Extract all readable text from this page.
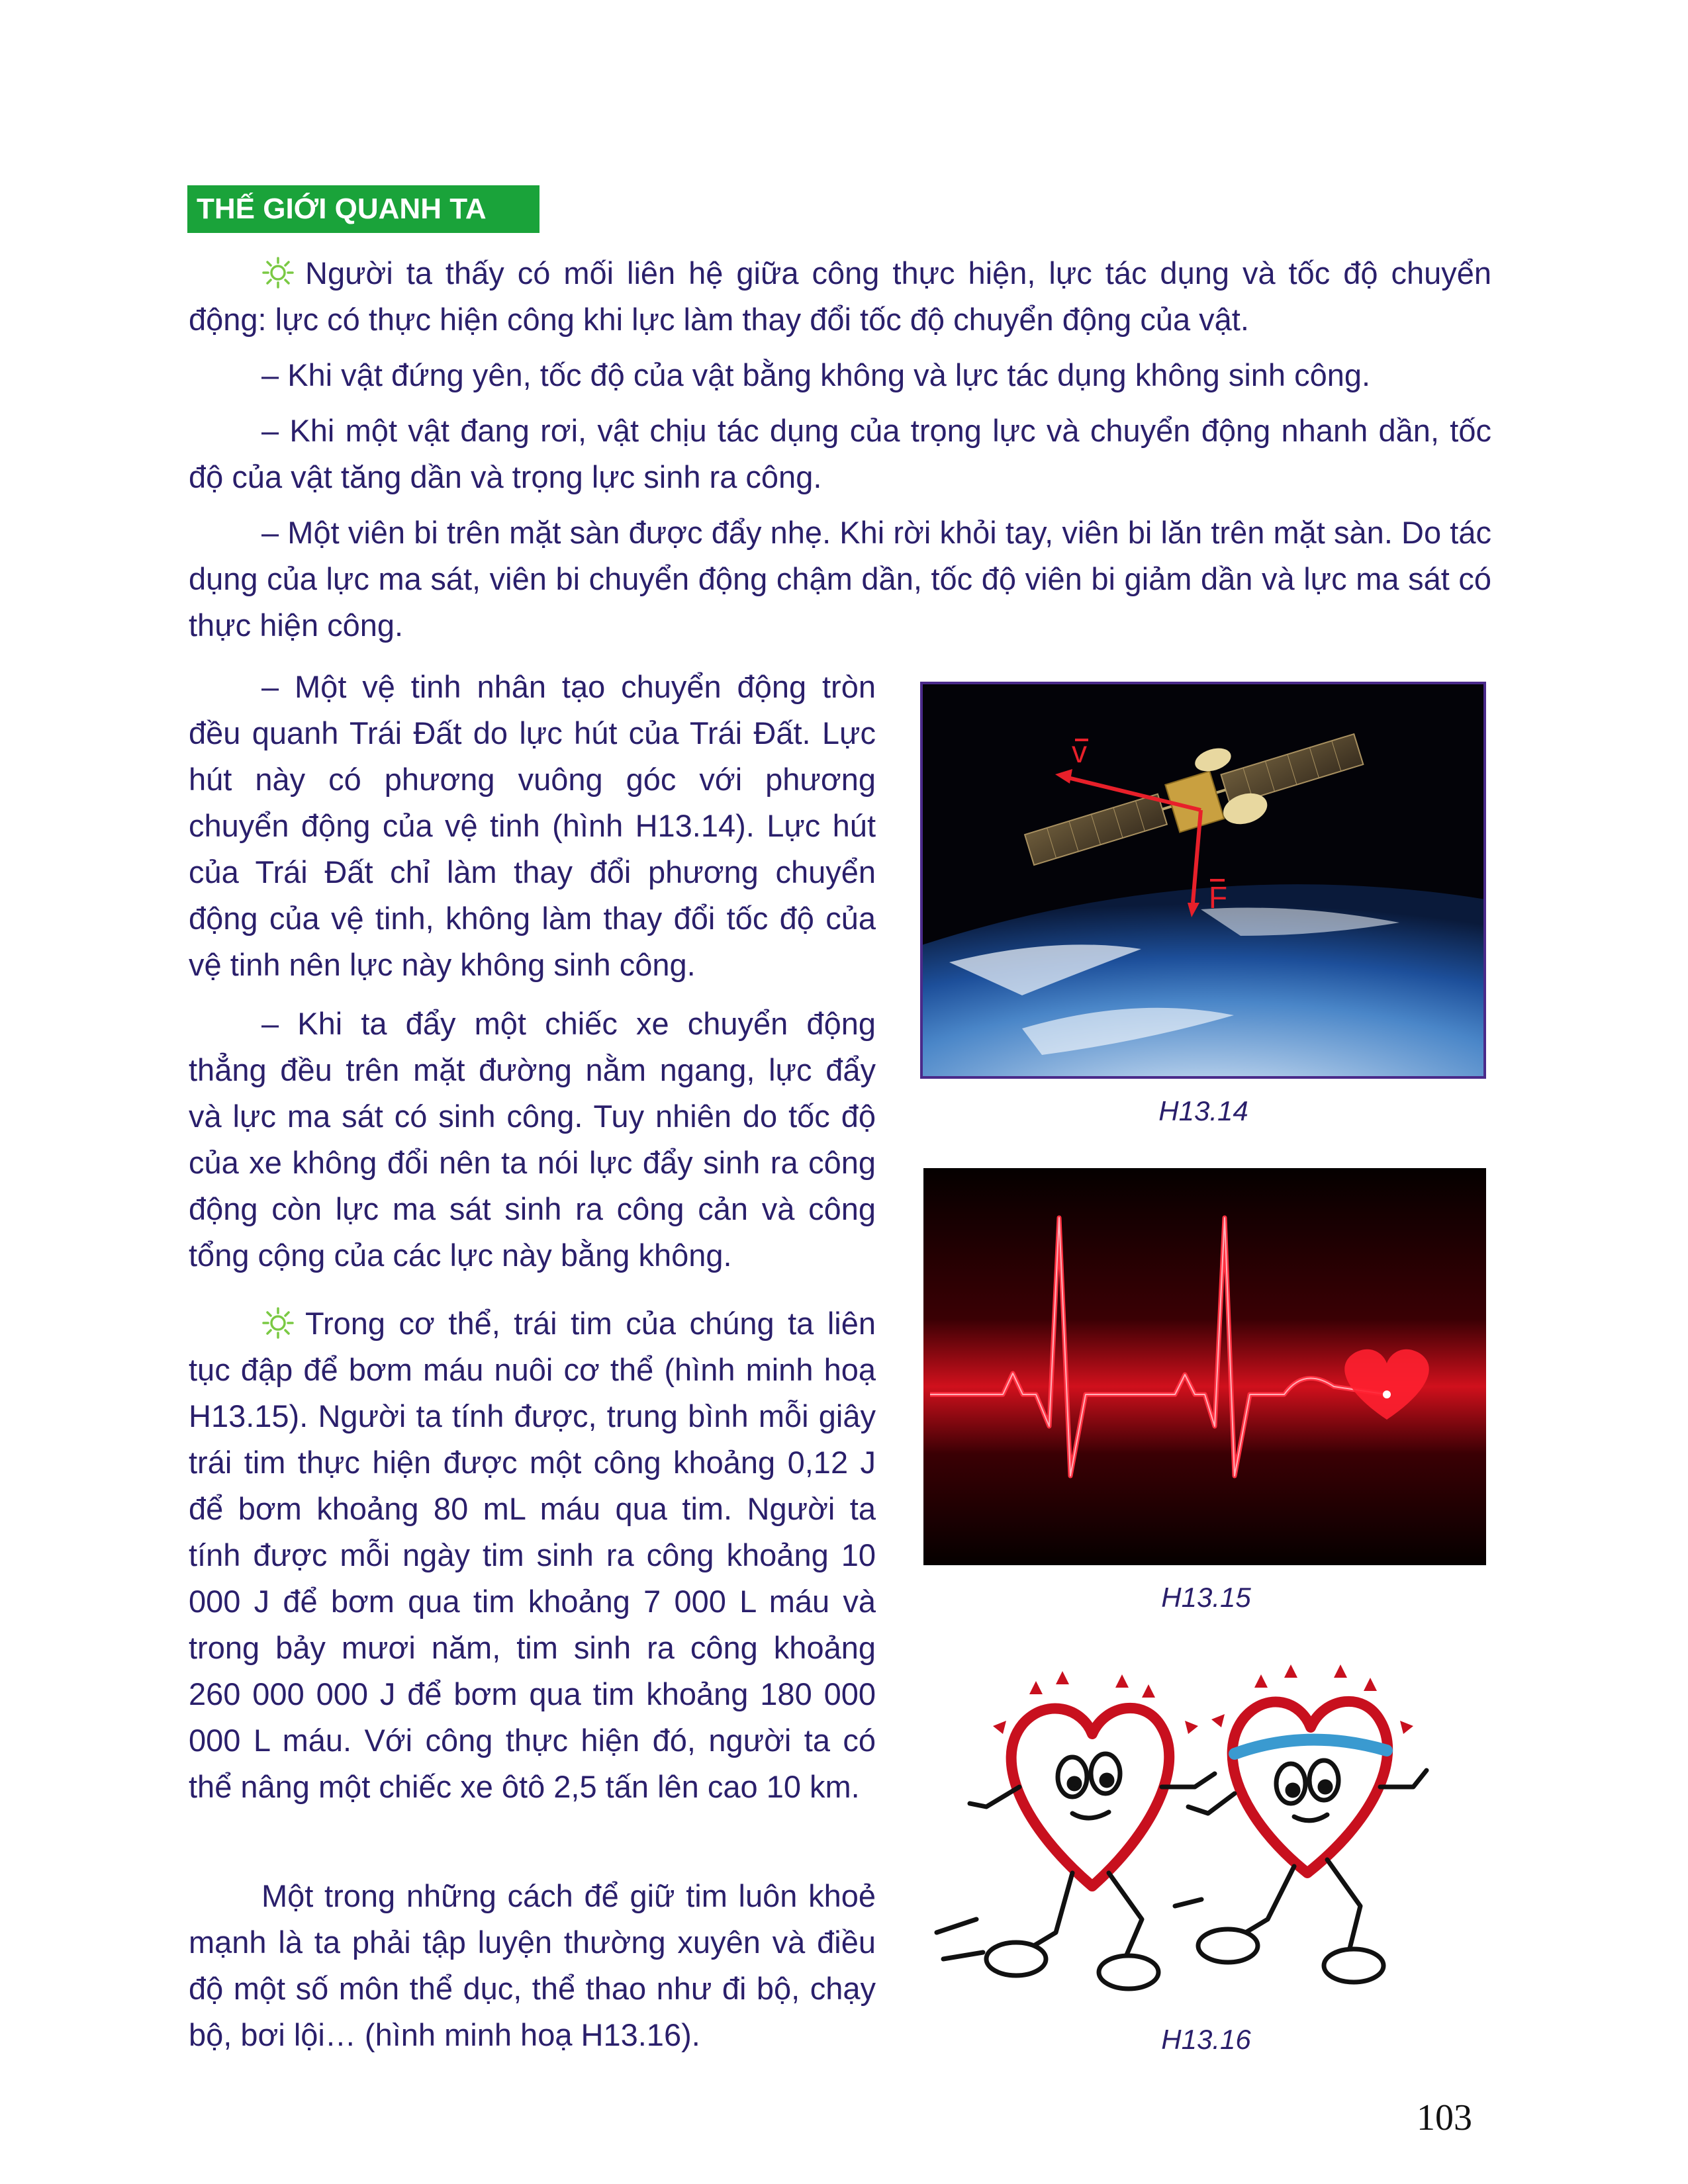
THẾ GIỚI QUANH TA

Người ta thấy có mối liên hệ giữa công thực hiện, lực tác dụng và tốc độ chuyển động: lực có thực hiện công khi lực làm thay đổi tốc độ chuyển động của vật.

– Khi vật đứng yên, tốc độ của vật bằng không và lực tác dụng không sinh công.

– Khi một vật đang rơi, vật chịu tác dụng của trọng lực và chuyển động nhanh dần, tốc độ của vật tăng dần và trọng lực sinh ra công.

– Một viên bi trên mặt sàn được đẩy nhẹ. Khi rời khỏi tay, viên bi lăn trên mặt sàn. Do tác dụng của lực ma sát, viên bi chuyển động chậm dần, tốc độ viên bi giảm dần và lực ma sát có thực hiện công.

– Một vệ tinh nhân tạo chuyển động tròn đều quanh Trái Đất do lực hút của Trái Đất. Lực hút này có phương vuông góc với phương chuyển động của vệ tinh (hình H13.14). Lực hút của Trái Đất chỉ làm thay đổi phương chuyển động của vệ tinh, không làm thay đổi tốc độ của vệ tinh nên lực này không sinh công.

– Khi ta đẩy một chiếc xe chuyển động thẳng đều trên mặt đường nằm ngang, lực đẩy và lực ma sát có sinh công. Tuy nhiên do tốc độ của xe không đổi nên ta nói lực đẩy sinh ra công động còn lực ma sát sinh ra công cản và công tổng cộng của các lực này bằng không.

Trong cơ thể, trái tim của chúng ta liên tục đập để bơm máu nuôi cơ thể (hình minh hoạ H13.15). Người ta tính được, trung bình mỗi giây trái tim thực hiện được một công khoảng 0,12 J để bơm khoảng 80 mL máu qua tim. Người ta tính được mỗi ngày tim sinh ra công khoảng 10 000 J để bơm qua tim khoảng 7 000 L máu và trong bảy mươi năm, tim sinh ra công khoảng 260 000 000 J để bơm qua tim khoảng 180 000 000 L máu. Với công thực hiện đó, người ta có thể nâng một chiếc xe ôtô 2,5 tấn lên cao 10 km.

Một trong những cách để giữ tim luôn khoẻ mạnh là ta phải tập luyện thường xuyên và điều độ một số môn thể dục, thể thao như đi bộ, chạy bộ, bơi lội… (hình minh hoạ H13.16).

v
F
H13.14
H13.15
H13.16
103
